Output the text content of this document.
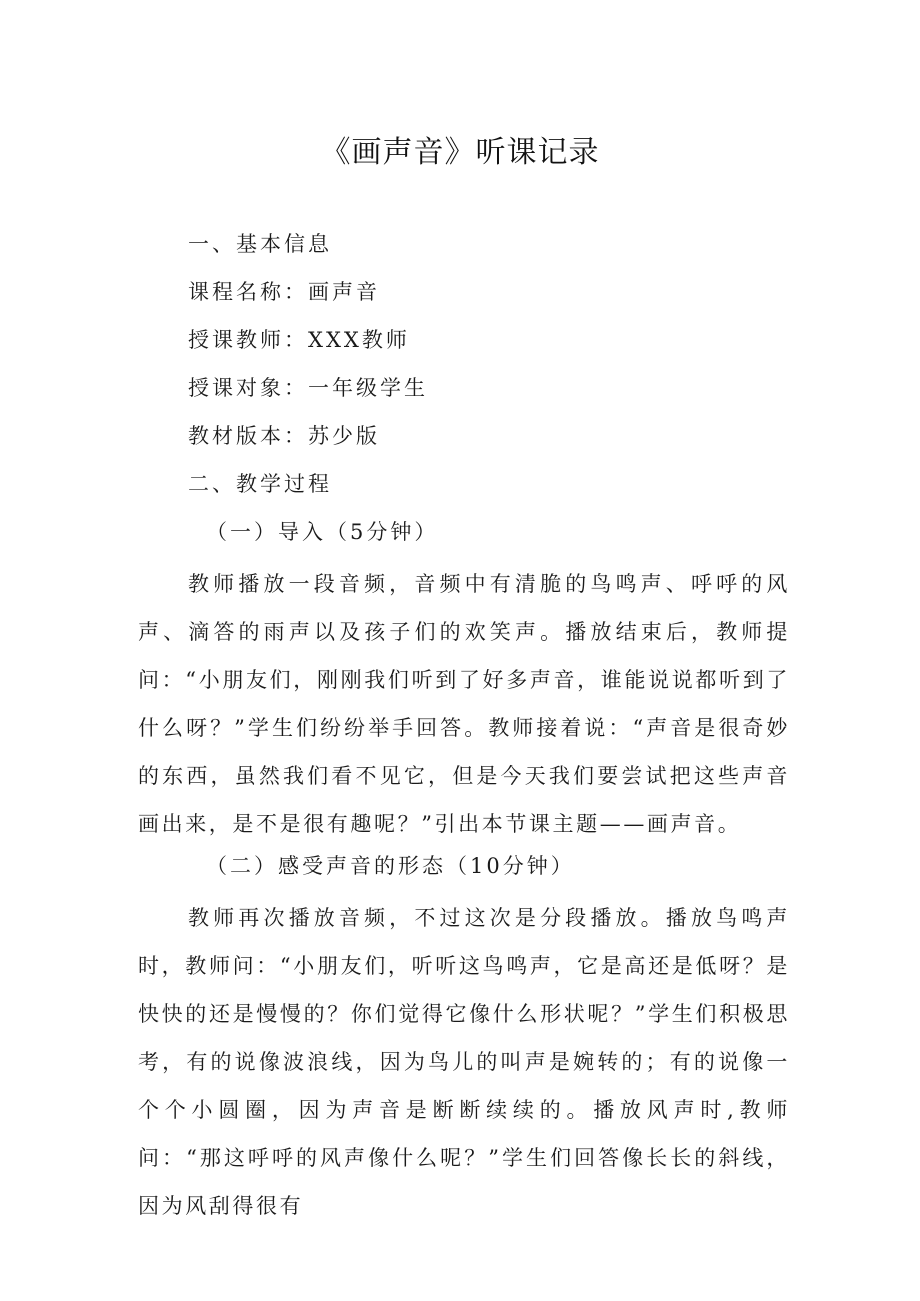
《画声音》听课记录
一、基本信息
课程名称：画声音
授课教师：XXX教师
授课对象：一年级学生
教材版本：苏少版
二、教学过程
（一）导入（5分钟）
教师播放一段音频，音频中有清脆的鸟鸣声、呼呼的风声、滴答的雨声以及孩子们的欢笑声。播放结束后，教师提问：“小朋友们，刚刚我们听到了好多声音，谁能说说都听到了什么呀？”学生们纷纷举手回答。教师接着说：“声音是很奇妙的东西，虽然我们看不见它，但是今天我们要尝试把这些声音画出来，是不是很有趣呢？”引出本节课主题——画声音。
（二）感受声音的形态（10分钟）
教师再次播放音频，不过这次是分段播放。播放鸟鸣声时，教师问：“小朋友们，听听这鸟鸣声，它是高还是低呀？是快快的还是慢慢的？你们觉得它像什么形状呢？”学生们积极思考，有的说像波浪线，因为鸟儿的叫声是婉转的；有的说像一个个小圆圈，因为声音是断断续续的。播放风声时,教师问：“那这呼呼的风声像什么呢？”学生们回答像长长的斜线，因为风刮得很有
